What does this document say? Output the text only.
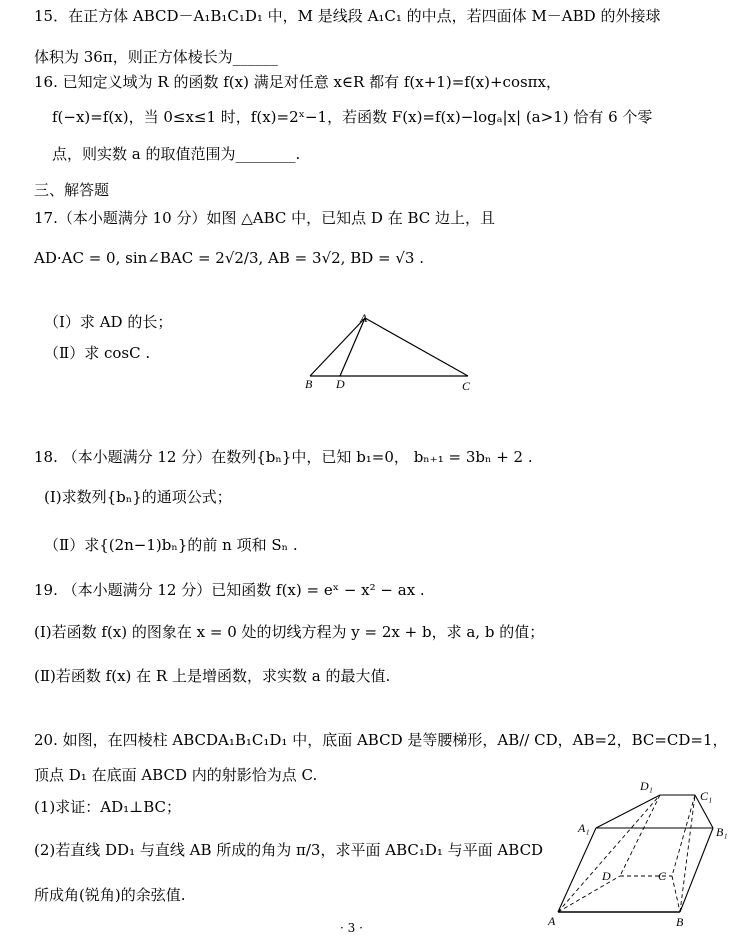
15．在正方体 ABCD－A₁B₁C₁D₁ 中，M 是线段 A₁C₁ 的中点，若四面体 M－ABD 的外接球
体积为 36π，则正方体棱长为______
16. 已知定义域为 R 的函数 f(x) 满足对任意 x∈R 都有 f(x+1)=f(x)+cosπx，
f(−x)=f(x)，当 0≤x≤1 时，f(x)=2ˣ−1，若函数 F(x)=f(x)−logₐ|x| (a>1) 恰有 6 个零
点，则实数 a 的取值范围为________.
三、解答题
17.（本小题满分 10 分）如图 △ABC 中，已知点 D 在 BC 边上，且
AD·AC = 0, sin∠BAC = 2√2/3, AB = 3√2, BD = √3 .
（Ⅰ）求 AD 的长；
（Ⅱ）求 cosC .
A
B D	C
18. （本小题满分 12 分）在数列{bₙ}中，已知 b₁=0， bₙ₊₁ = 3bₙ + 2 .
(Ⅰ)求数列{bₙ}的通项公式；
（Ⅱ）求{(2n−1)bₙ}的前 n 项和 Sₙ .
19. （本小题满分 12 分）已知函数 f(x) = eˣ − x² − ax .
(Ⅰ)若函数 f(x) 的图象在 x = 0 处的切线方程为 y = 2x + b，求 a, b 的值；
(Ⅱ)若函数 f(x) 在 R 上是增函数，求实数 a 的最大值.
20. 如图，在四棱柱 ABCDA₁B₁C₁D₁ 中，底面 ABCD 是等腰梯形，AB// CD，AB=2，BC=CD=1，
顶点 D₁ 在底面 ABCD 内的射影恰为点 C.
(1)求证：AD₁⊥BC；
(2)若直线 DD₁ 与直线 AB 所成的角为 π/3，求平面 ABC₁D₁ 与平面 ABCD
所成角(锐角)的余弦值.
D₁
C₁
A₁	B₁
D	C
A	B
· 3 ·
